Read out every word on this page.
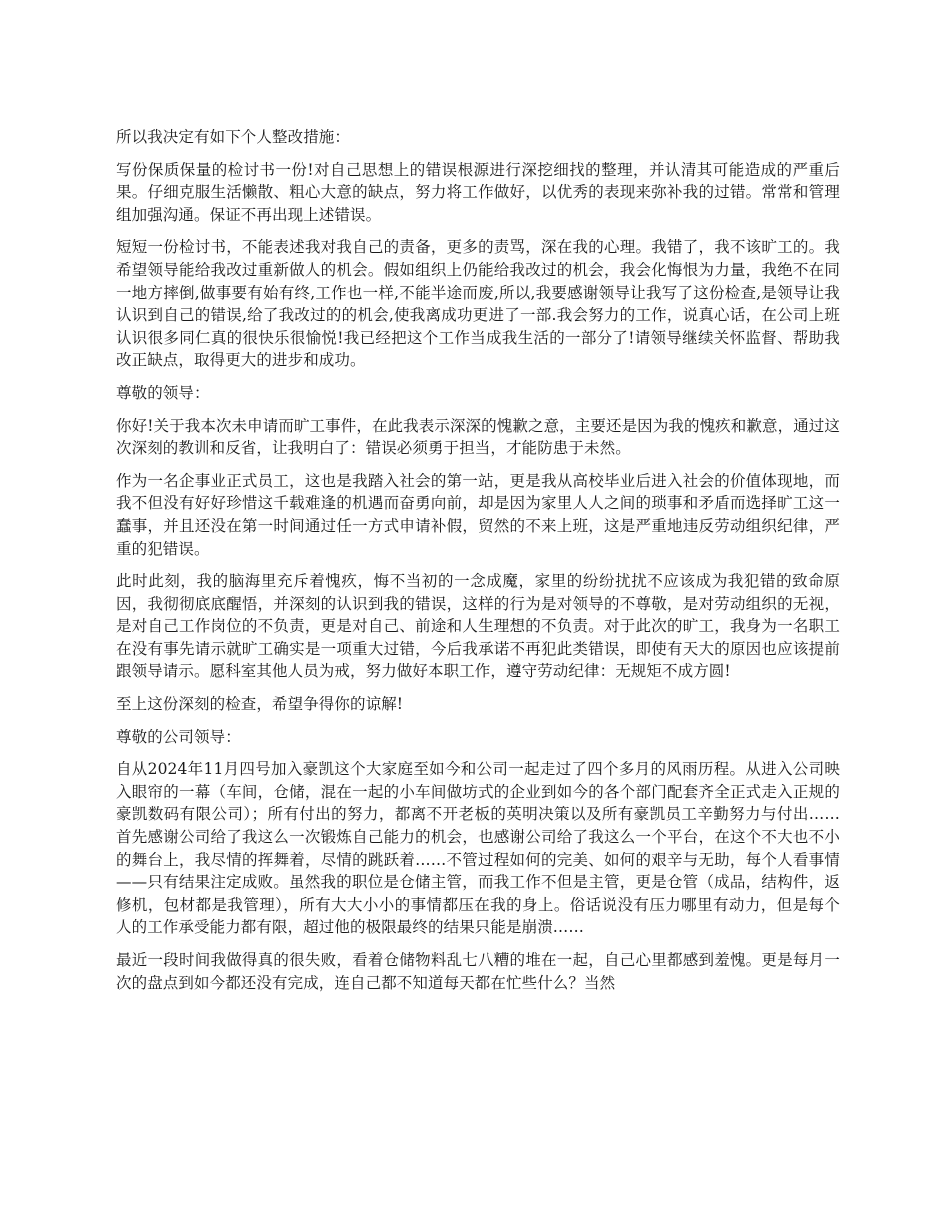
所以我决定有如下个人整改措施：

写份保质保量的检讨书一份!对自己思想上的错误根源进行深挖细找的整理，并认清其可能造成的严重后果。仔细克服生活懒散、粗心大意的缺点，努力将工作做好，以优秀的表现来弥补我的过错。常常和管理组加强沟通。保证不再出现上述错误。

短短一份检讨书，不能表述我对我自己的责备，更多的责骂，深在我的心理。我错了，我不该旷工的。我希望领导能给我改过重新做人的机会。假如组织上仍能给我改过的机会，我会化悔恨为力量，我绝不在同一地方摔倒,做事要有始有终,工作也一样,不能半途而废,所以,我要感谢领导让我写了这份检查,是领导让我认识到自己的错误,给了我改过的的机会,使我离成功更进了一部.我会努力的工作，说真心话，在公司上班认识很多同仁真的很快乐很愉悦!我已经把这个工作当成我生活的一部分了!请领导继续关怀监督、帮助我改正缺点，取得更大的进步和成功。

尊敬的领导：

你好!关于我本次未申请而旷工事件，在此我表示深深的愧歉之意，主要还是因为我的愧疚和歉意，通过这次深刻的教训和反省，让我明白了：错误必须勇于担当，才能防患于未然。

作为一名企事业正式员工，这也是我踏入社会的第一站，更是我从高校毕业后进入社会的价值体现地，而我不但没有好好珍惜这千载难逢的机遇而奋勇向前，却是因为家里人人之间的琐事和矛盾而选择旷工这一蠢事，并且还没在第一时间通过任一方式申请补假，贸然的不来上班，这是严重地违反劳动组织纪律，严重的犯错误。

此时此刻，我的脑海里充斥着愧疚，悔不当初的一念成魔，家里的纷纷扰扰不应该成为我犯错的致命原因，我彻彻底底醒悟，并深刻的认识到我的错误，这样的行为是对领导的不尊敬，是对劳动组织的无视，是对自己工作岗位的不负责，更是对自己、前途和人生理想的不负责。对于此次的旷工，我身为一名职工在没有事先请示就旷工确实是一项重大过错，今后我承诺不再犯此类错误，即使有天大的原因也应该提前跟领导请示。愿科室其他人员为戒，努力做好本职工作，遵守劳动纪律：无规矩不成方圆!

至上这份深刻的检查，希望争得你的谅解!

尊敬的公司领导：

自从2024年11月四号加入豪凯这个大家庭至如今和公司一起走过了四个多月的风雨历程。从进入公司映入眼帘的一幕（车间，仓储，混在一起的小车间做坊式的企业到如今的各个部门配套齐全正式走入正规的豪凯数码有限公司）；所有付出的努力，都离不开老板的英明决策以及所有豪凯员工辛勤努力与付出……首先感谢公司给了我这么一次锻炼自己能力的机会，也感谢公司给了我这么一个平台，在这个不大也不小的舞台上，我尽情的挥舞着，尽情的跳跃着……不管过程如何的完美、如何的艰辛与无助，每个人看事情——只有结果注定成败。虽然我的职位是仓储主管，而我工作不但是主管，更是仓管（成品，结构件，返修机，包材都是我管理），所有大大小小的事情都压在我的身上。俗话说没有压力哪里有动力，但是每个人的工作承受能力都有限，超过他的极限最终的结果只能是崩溃……

最近一段时间我做得真的很失败，看着仓储物料乱七八糟的堆在一起，自己心里都感到羞愧。更是每月一次的盘点到如今都还没有完成，连自己都不知道每天都在忙些什么？当然
